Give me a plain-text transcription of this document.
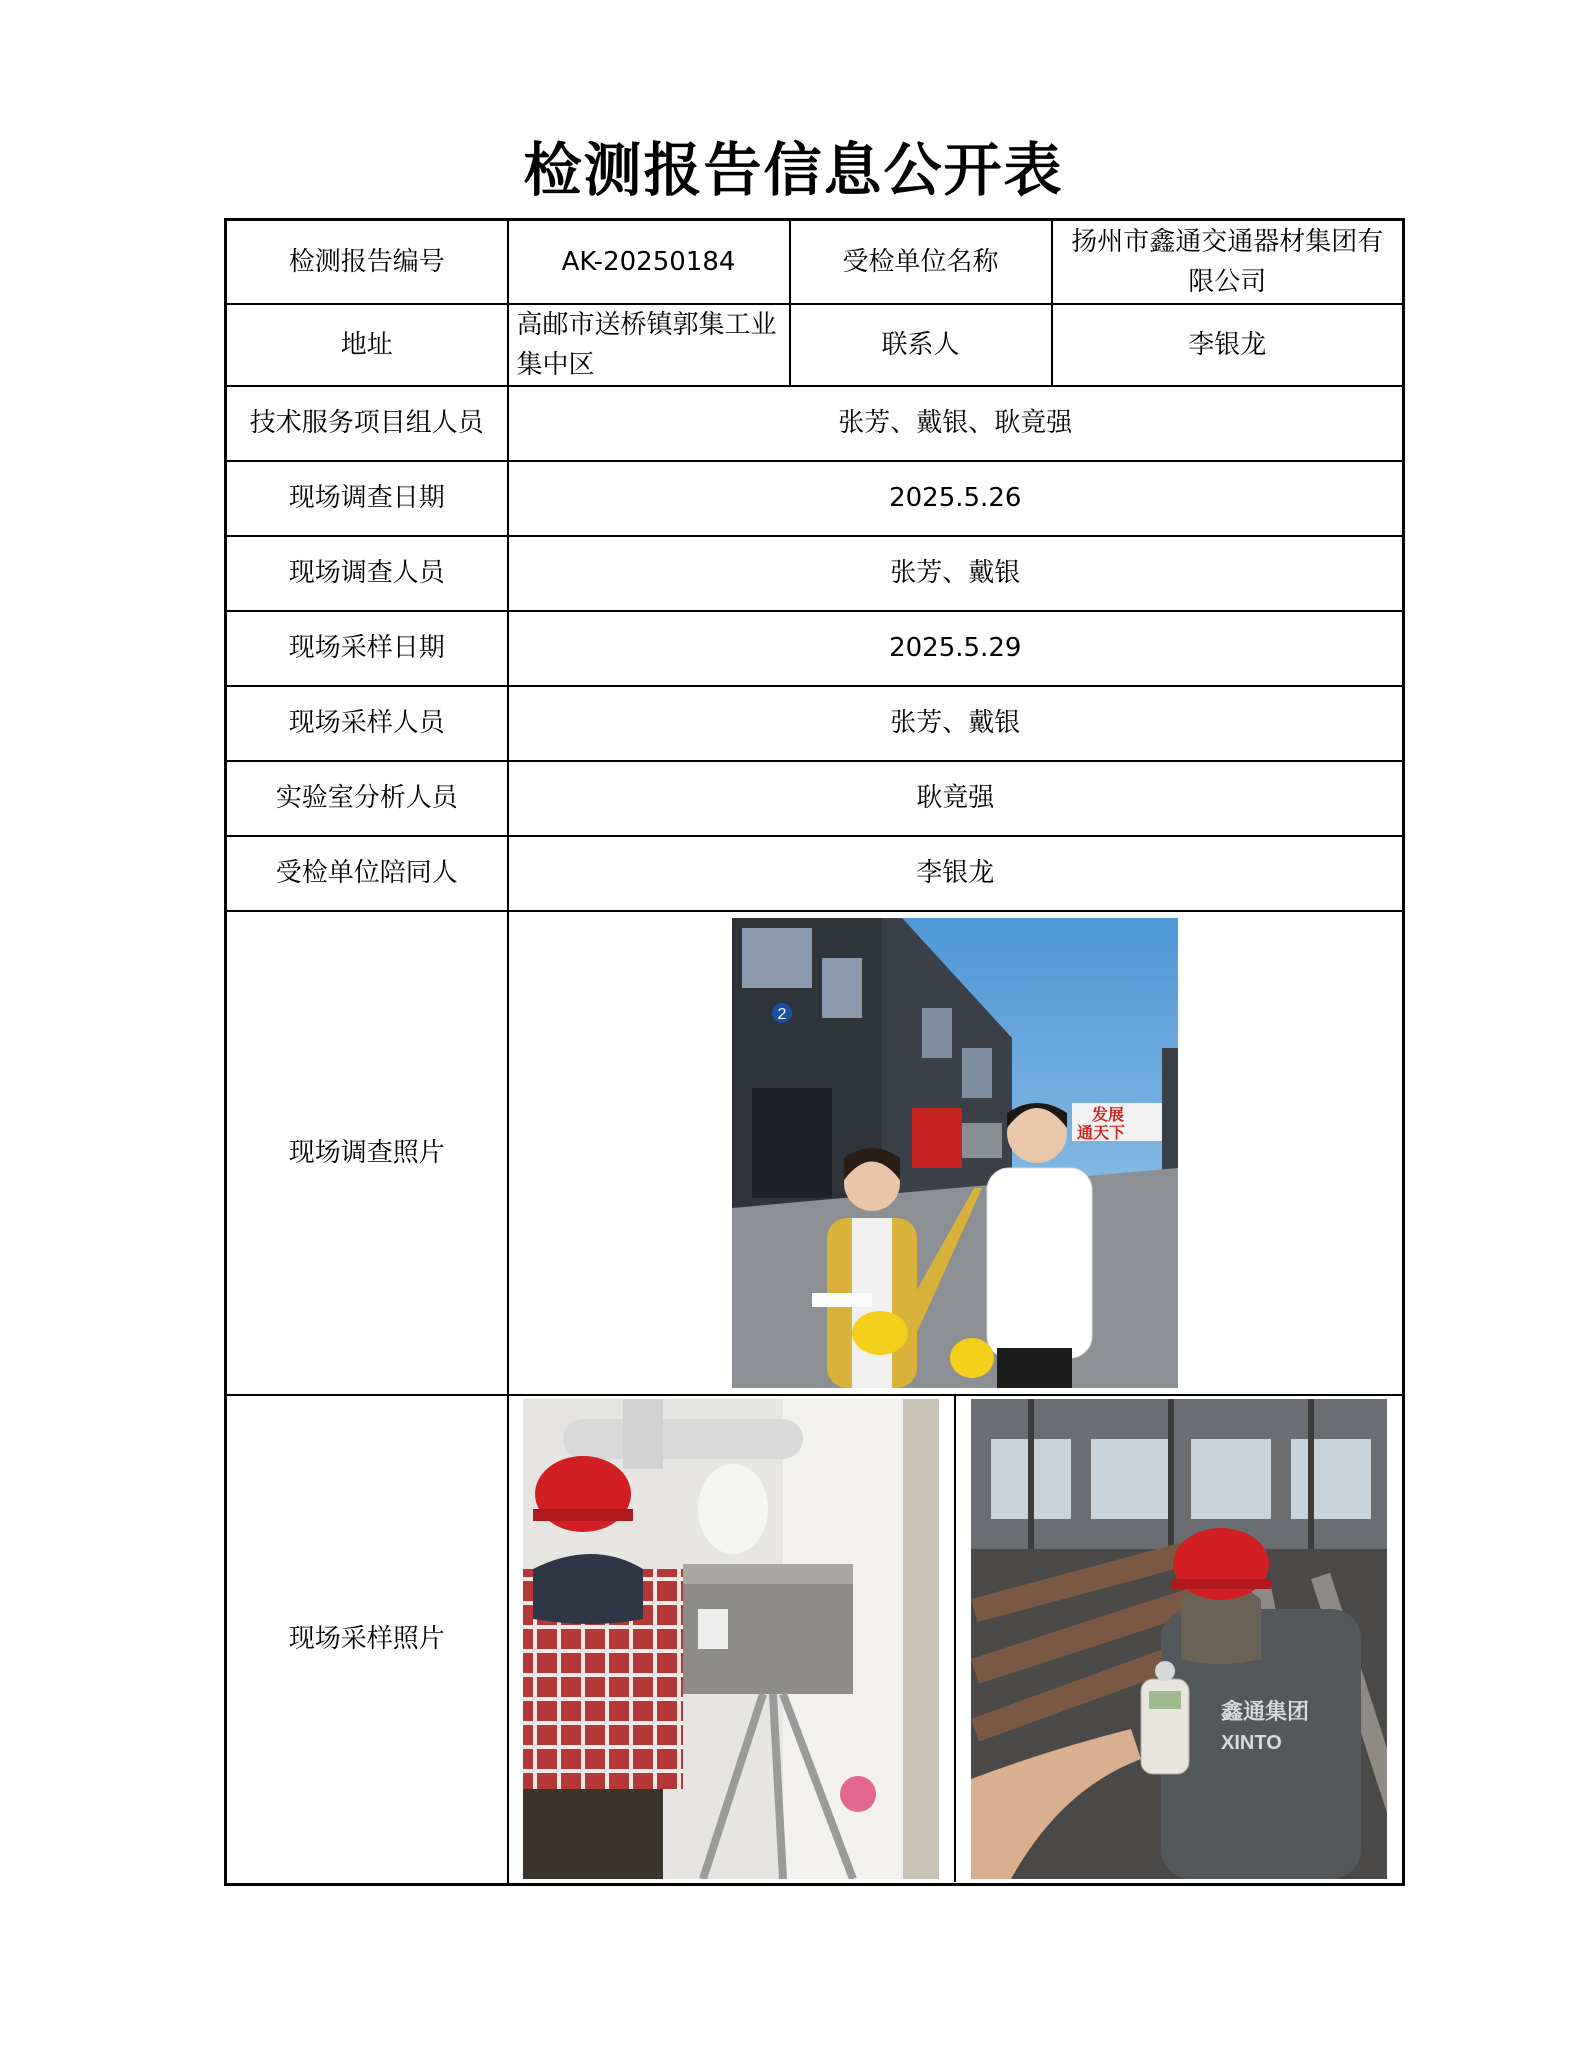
检测报告信息公开表
检测报告编号	AK-20250184	受检单位名称	扬州市鑫通交通器材集团有限公司
地址	高邮市送桥镇郭集工业集中区	联系人	李银龙
技术服务项目组人员	张芳、戴银、耿竟强		
现场调查日期	2025.5.26		
现场调查人员	张芳、戴银		
现场采样日期	2025.5.29		
现场采样人员	张芳、戴银		
实验室分析人员	耿竟强		
受检单位陪同人	李银龙		
现场调查照片	2
发展
通天下		

现场采样照片	鑫通集团
XINTO		
